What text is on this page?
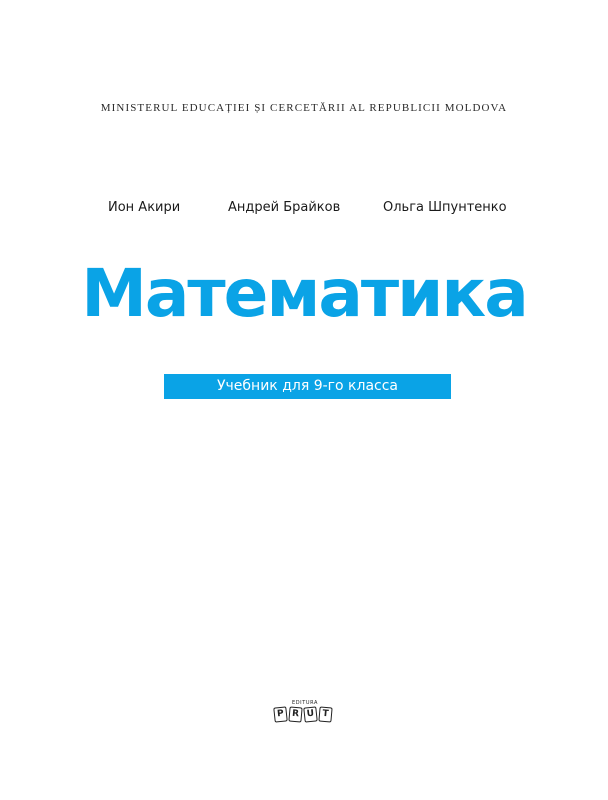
MINISTERUL EDUCAȚIEI ȘI CERCETĂRII AL REPUBLICII MOLDOVA
Ион Акири	Андрей Брайков	Ольга Шпунтенко
Математика
Учебник для 9-го класса
EDITURA
P R U T
